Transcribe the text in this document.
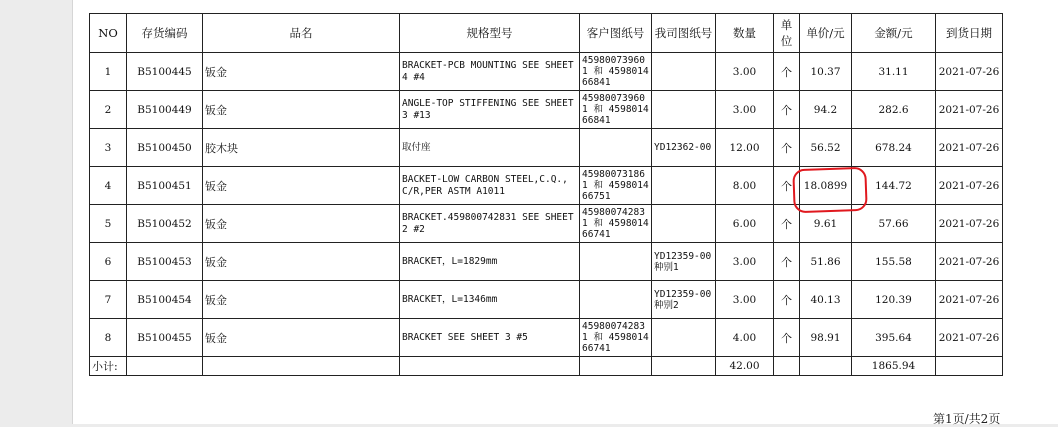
NO	存货编码	品名	规格型号	客户图纸号	我司图纸号	数量	单位	单价/元	金额/元	到货日期
1	B5100445	钣金	BRACKET-PCB MOUNTING SEE SHEET 4 #4	459800739601 和 459801466841		3.00	个	10.37	31.11	2021-07-26
2	B5100449	钣金	ANGLE-TOP STIFFENING SEE SHEET 3 #13	459800739601 和 459801466841		3.00	个	94.2	282.6	2021-07-26
3	B5100450	胶木块	取付座		YD12362-00	12.00	个	56.52	678.24	2021-07-26
4	B5100451	钣金	BACKET-LOW CARBON STEEL,C.Q.,C/R,PER ASTM A1011	459800731861 和 459801466751		8.00	个	18.0899	144.72	2021-07-26
5	B5100452	钣金	BRACKET.459800742831 SEE SHEET 2 #2	459800742831 和 459801466741		6.00	个	9.61	57.66	2021-07-26
6	B5100453	钣金	BRACKET，L=1829mm		YD12359-00种别1	3.00	个	51.86	155.58	2021-07-26
7	B5100454	钣金	BRACKET，L=1346mm		YD12359-00种别2	3.00	个	40.13	120.39	2021-07-26
8	B5100455	钣金	BRACKET SEE SHEET 3 #5	459800742831 和 459801466741		4.00	个	98.91	395.64	2021-07-26
小计:						42.00			1865.94	
第1页/共2页
